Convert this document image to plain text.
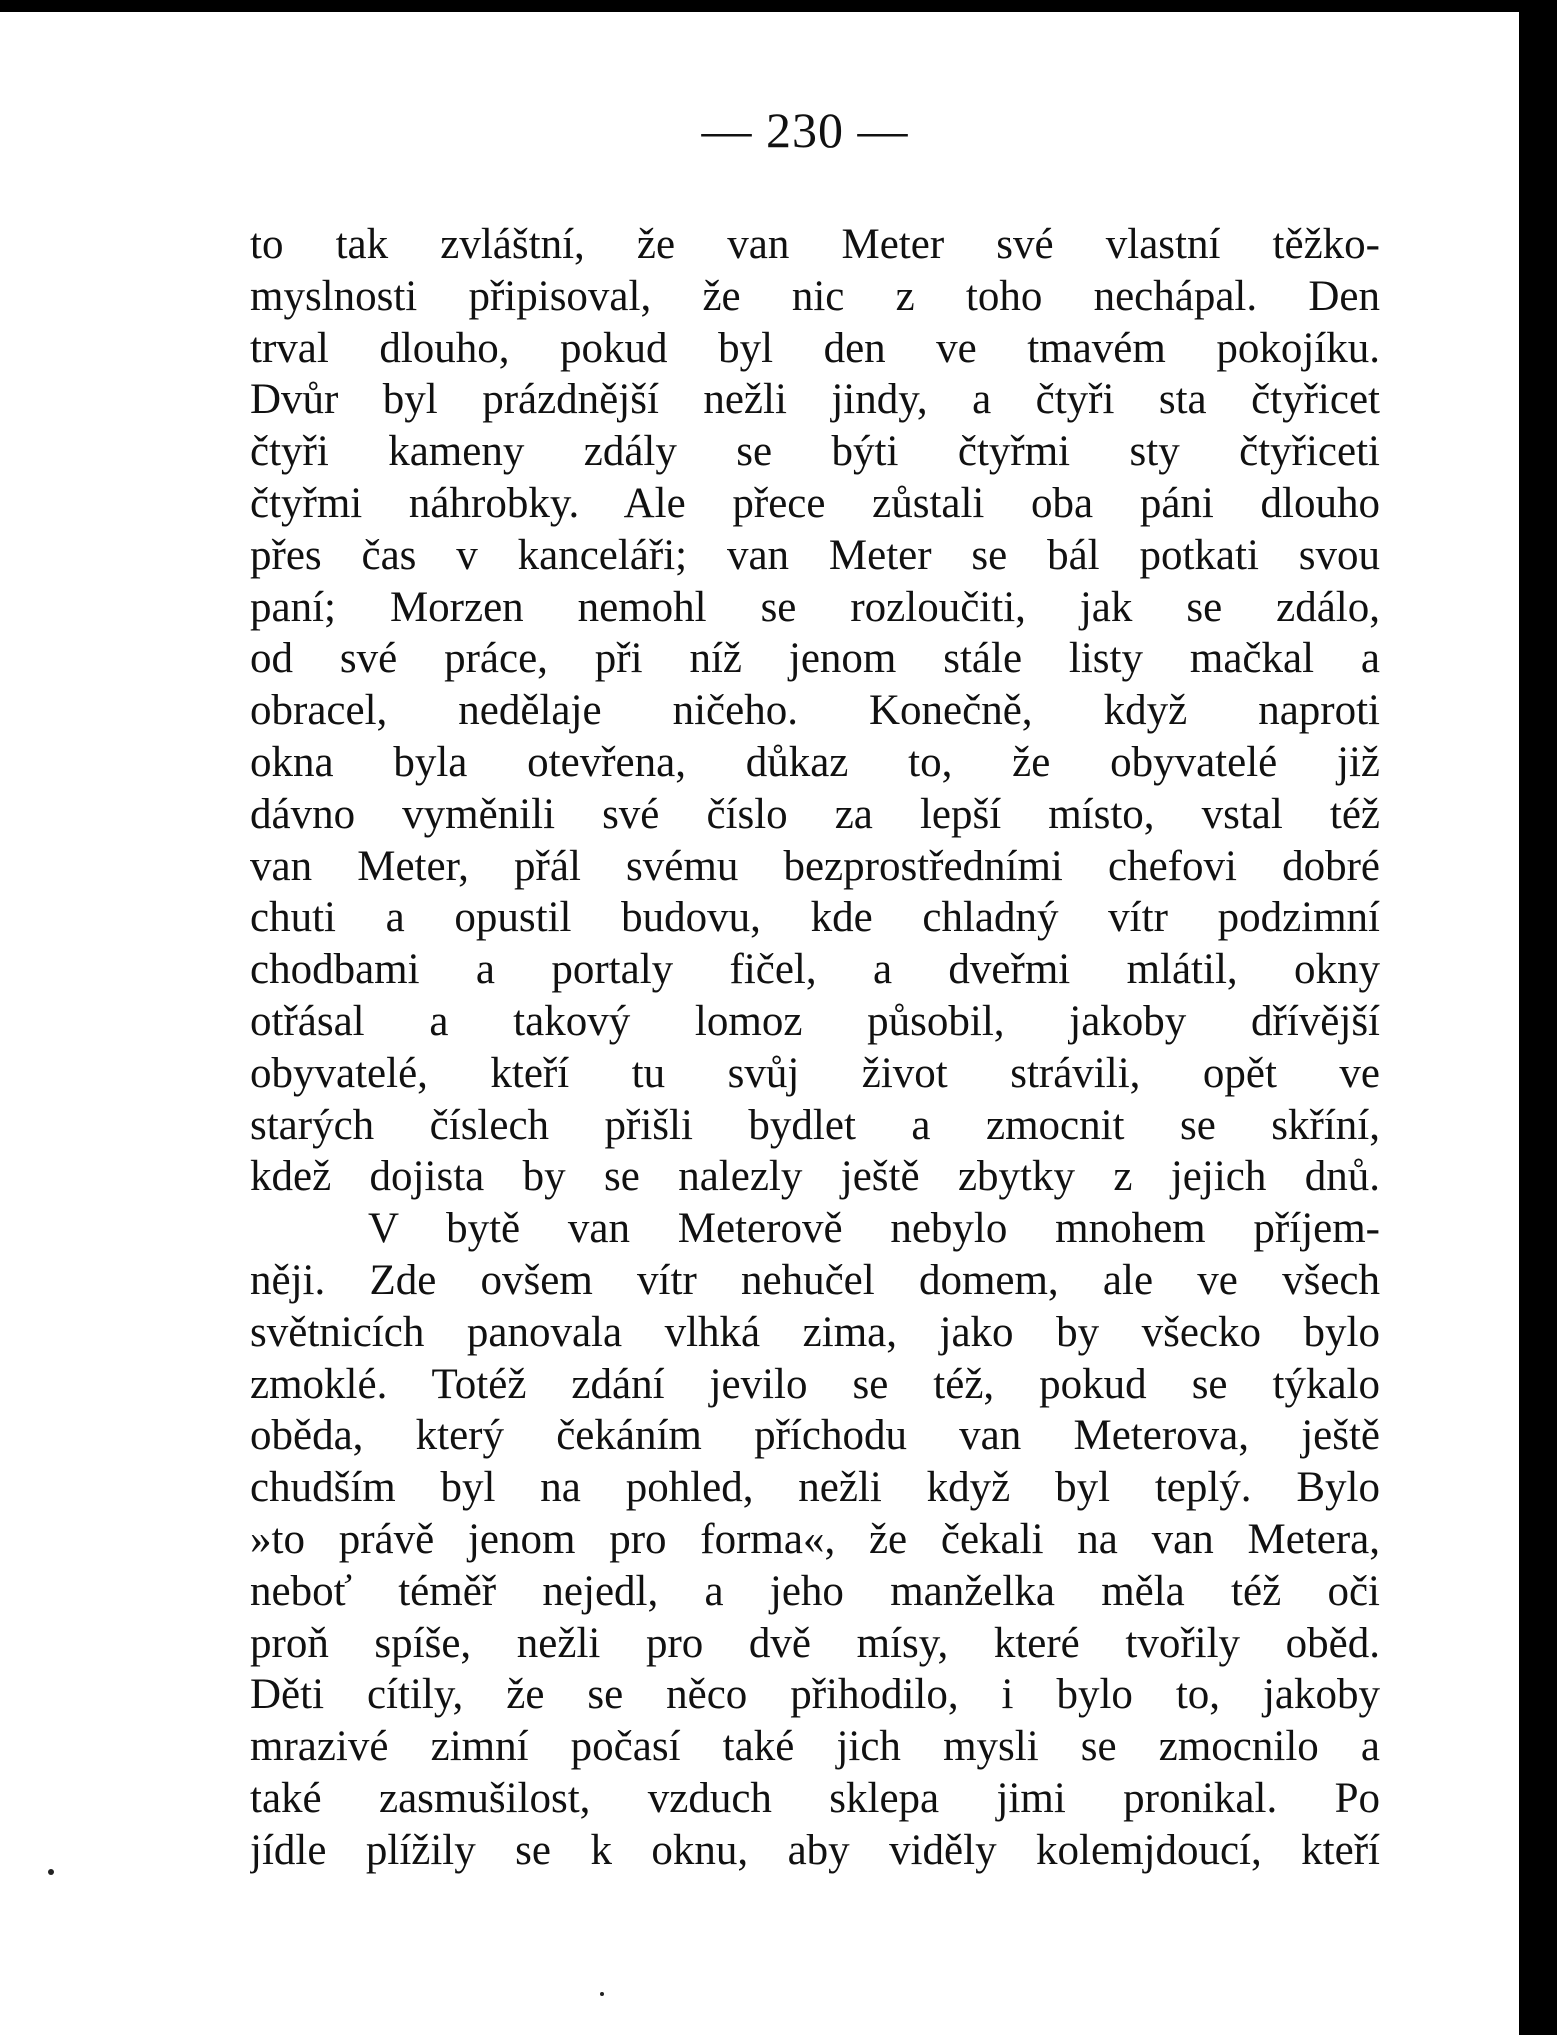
— 230 —
to tak zvláštní, že van Meter své vlastní těžko-
myslnosti připisoval, že nic z toho nechápal. Den
trval dlouho, pokud byl den ve tmavém pokojíku.
Dvůr byl prázdnější nežli jindy, a čtyři sta čtyřicet
čtyři kameny zdály se býti čtyřmi sty čtyřiceti
čtyřmi náhrobky. Ale přece zůstali oba páni dlouho
přes čas v kanceláři; van Meter se bál potkati svou
paní; Morzen nemohl se rozloučiti, jak se zdálo,
od své práce, při níž jenom stále listy mačkal a
obracel, nedělaje ničeho. Konečně, když naproti
okna byla otevřena, důkaz to, že obyvatelé již
dávno vyměnili své číslo za lepší místo, vstal též
van Meter, přál svému bezprostředními chefovi dobré
chuti a opustil budovu, kde chladný vítr podzimní
chodbami a portaly fičel, a dveřmi mlátil, okny
otřásal a takový lomoz působil, jakoby dřívější
obyvatelé, kteří tu svůj život strávili, opět ve
starých číslech přišli bydlet a zmocnit se skříní,
kdež dojista by se nalezly ještě zbytky z jejich dnů.
V bytě van Meterově nebylo mnohem příjem-
něji. Zde ovšem vítr nehučel domem, ale ve všech
světnicích panovala vlhká zima, jako by všecko bylo
zmoklé. Totéž zdání jevilo se též, pokud se týkalo
oběda, který čekáním příchodu van Meterova, ještě
chudším byl na pohled, nežli když byl teplý. Bylo
»to právě jenom pro forma«, že čekali na van Metera,
neboť téměř nejedl, a jeho manželka měla též oči
proň spíše, nežli pro dvě mísy, které tvořily oběd.
Děti cítily, že se něco přihodilo, i bylo to, jakoby
mrazivé zimní počasí také jich mysli se zmocnilo a
také zasmušilost, vzduch sklepa jimi pronikal. Po
jídle plížily se k oknu, aby viděly kolemjdoucí, kteří
